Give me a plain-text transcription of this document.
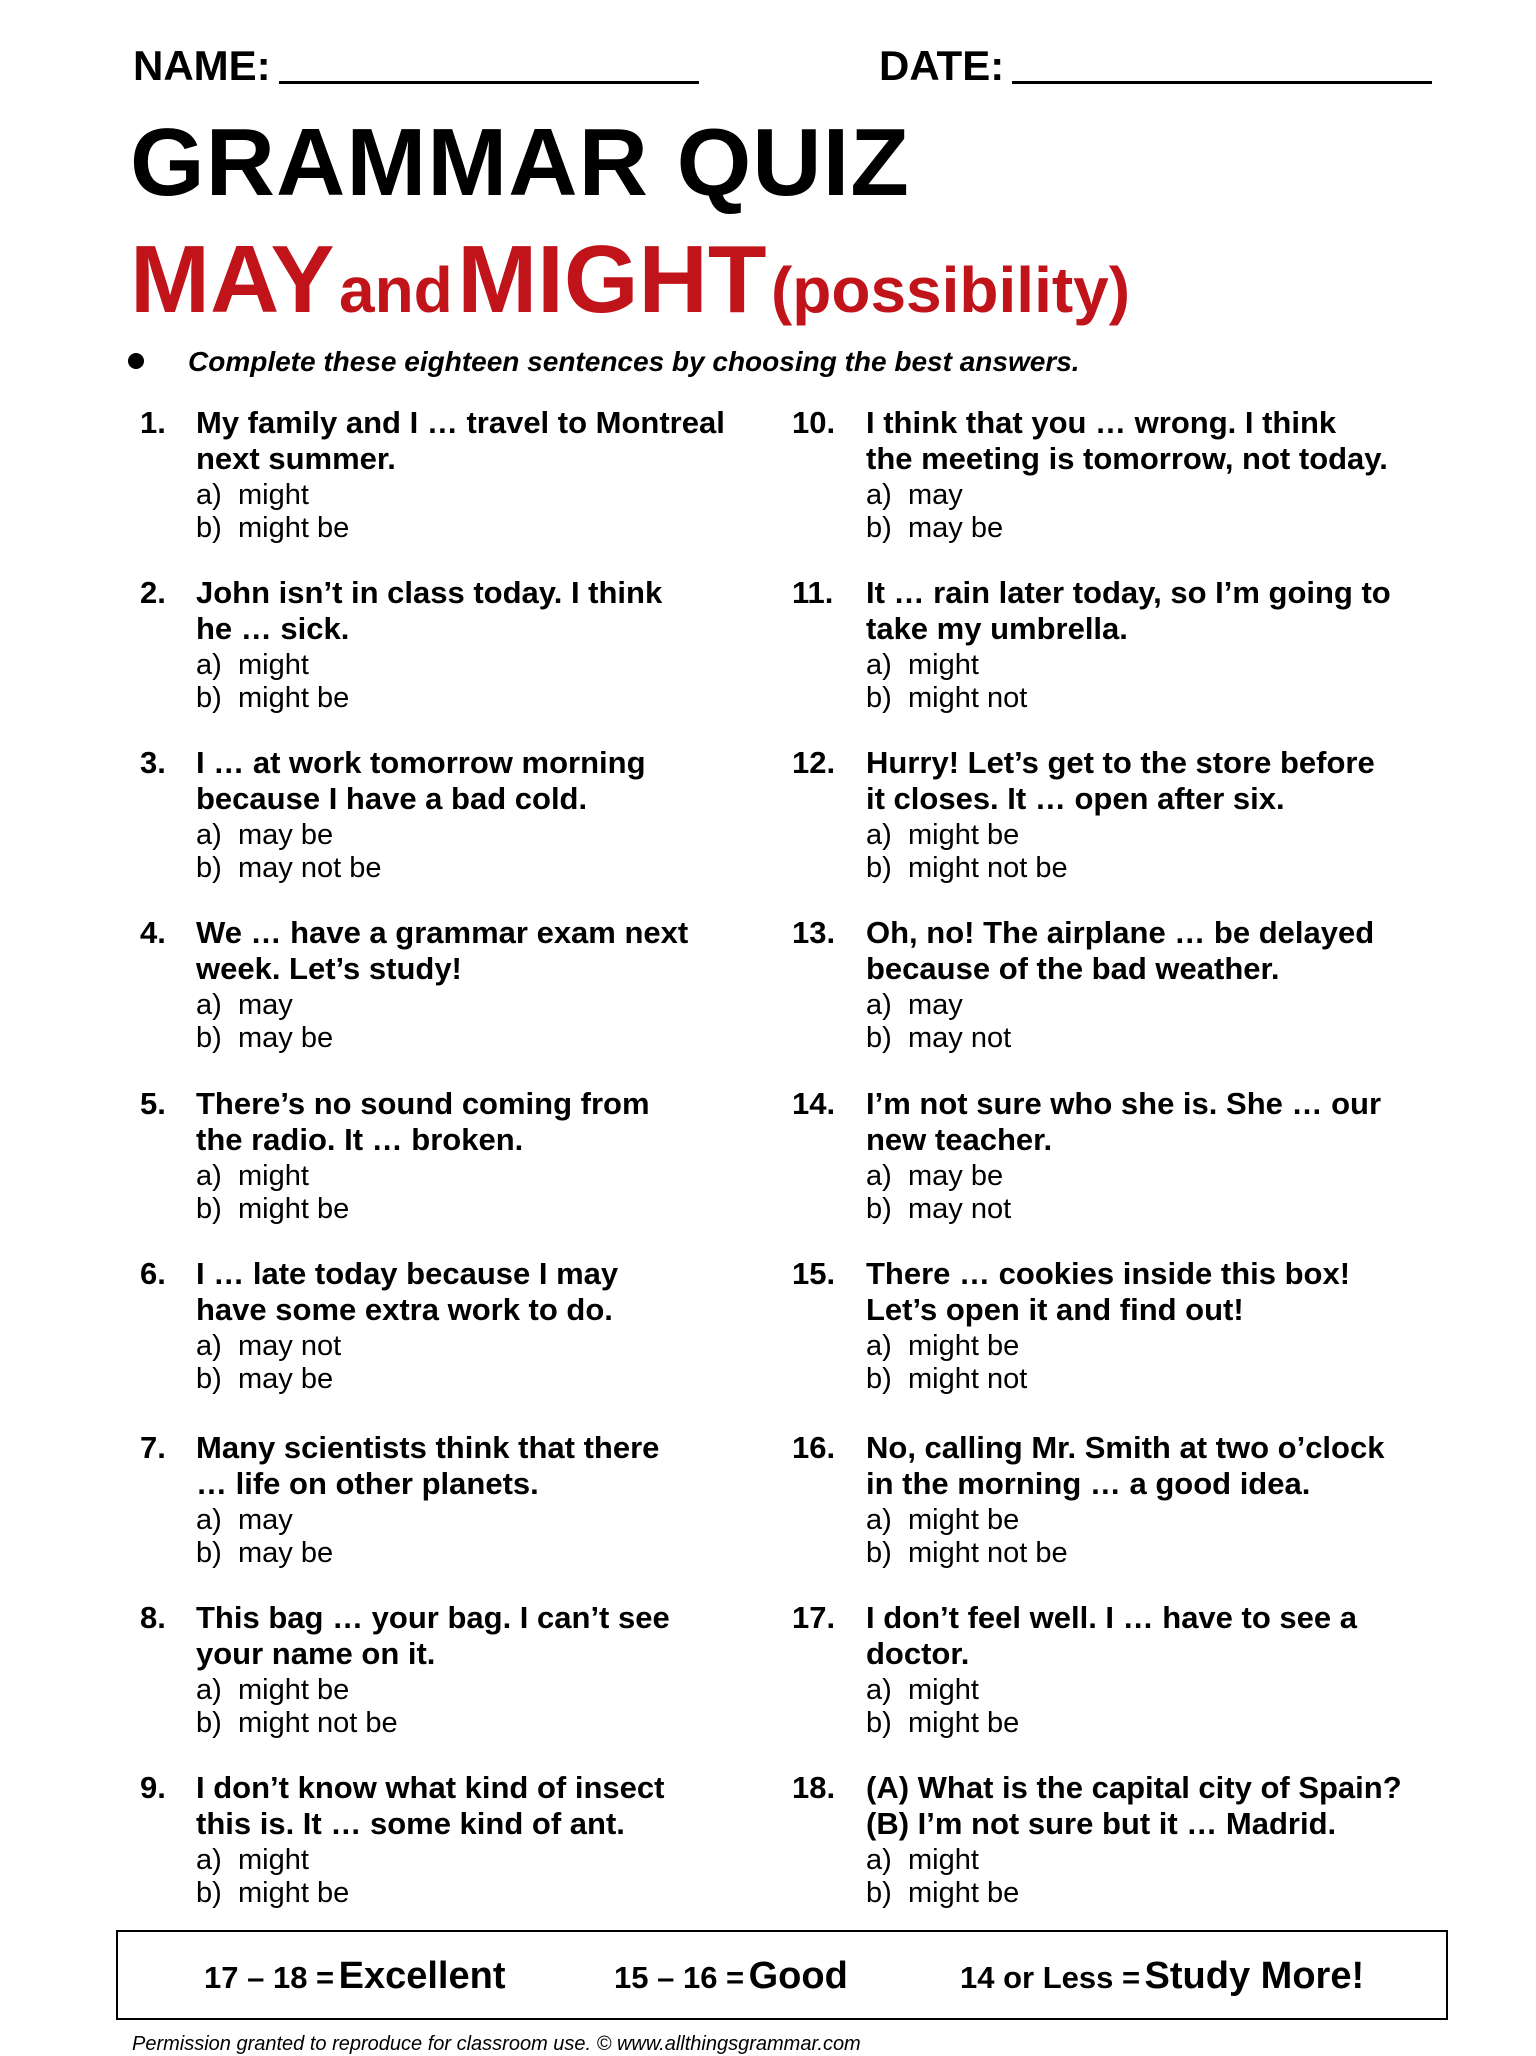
NAME:	DATE:
GRAMMAR QUIZ
MAY and MIGHT (possibility)
Complete these eighteen sentences by choosing the best answers.
1. My family and I … travel to Montreal
next summer.
a) might
b) might be
2. John isn’t in class today. I think
he … sick.
a) might
b) might be
3. I … at work tomorrow morning
because I have a bad cold.
a) may be
b) may not be
4. We … have a grammar exam next
week. Let’s study!
a) may
b) may be
5. There’s no sound coming from
the radio. It … broken.
a) might
b) might be
6. I … late today because I may
have some extra work to do.
a) may not
b) may be
7. Many scientists think that there
… life on other planets.
a) may
b) may be
8. This bag … your bag. I can’t see
your name on it.
a) might be
b) might not be
9. I don’t know what kind of insect
this is. It … some kind of ant.
a) might
b) might be
10. I think that you … wrong. I think
the meeting is tomorrow, not today.
a) may
b) may be
11. It … rain later today, so I’m going to
take my umbrella.
a) might
b) might not
12. Hurry! Let’s get to the store before
it closes. It … open after six.
a) might be
b) might not be
13. Oh, no! The airplane … be delayed
because of the bad weather.
a) may
b) may not
14. I’m not sure who she is. She … our
new teacher.
a) may be
b) may not
15. There … cookies inside this box!
Let’s open it and find out!
a) might be
b) might not
16. No, calling Mr. Smith at two o’clock
in the morning … a good idea.
a) might be
b) might not be
17. I don’t feel well. I … have to see a
doctor.
a) might
b) might be
18. (A) What is the capital city of Spain?
(B) I’m not sure but it … Madrid.
a) might
b) might be
17 – 18 = Excellent	15 – 16 = Good	14 or Less = Study More!
Permission granted to reproduce for classroom use. © www.allthingsgrammar.com
